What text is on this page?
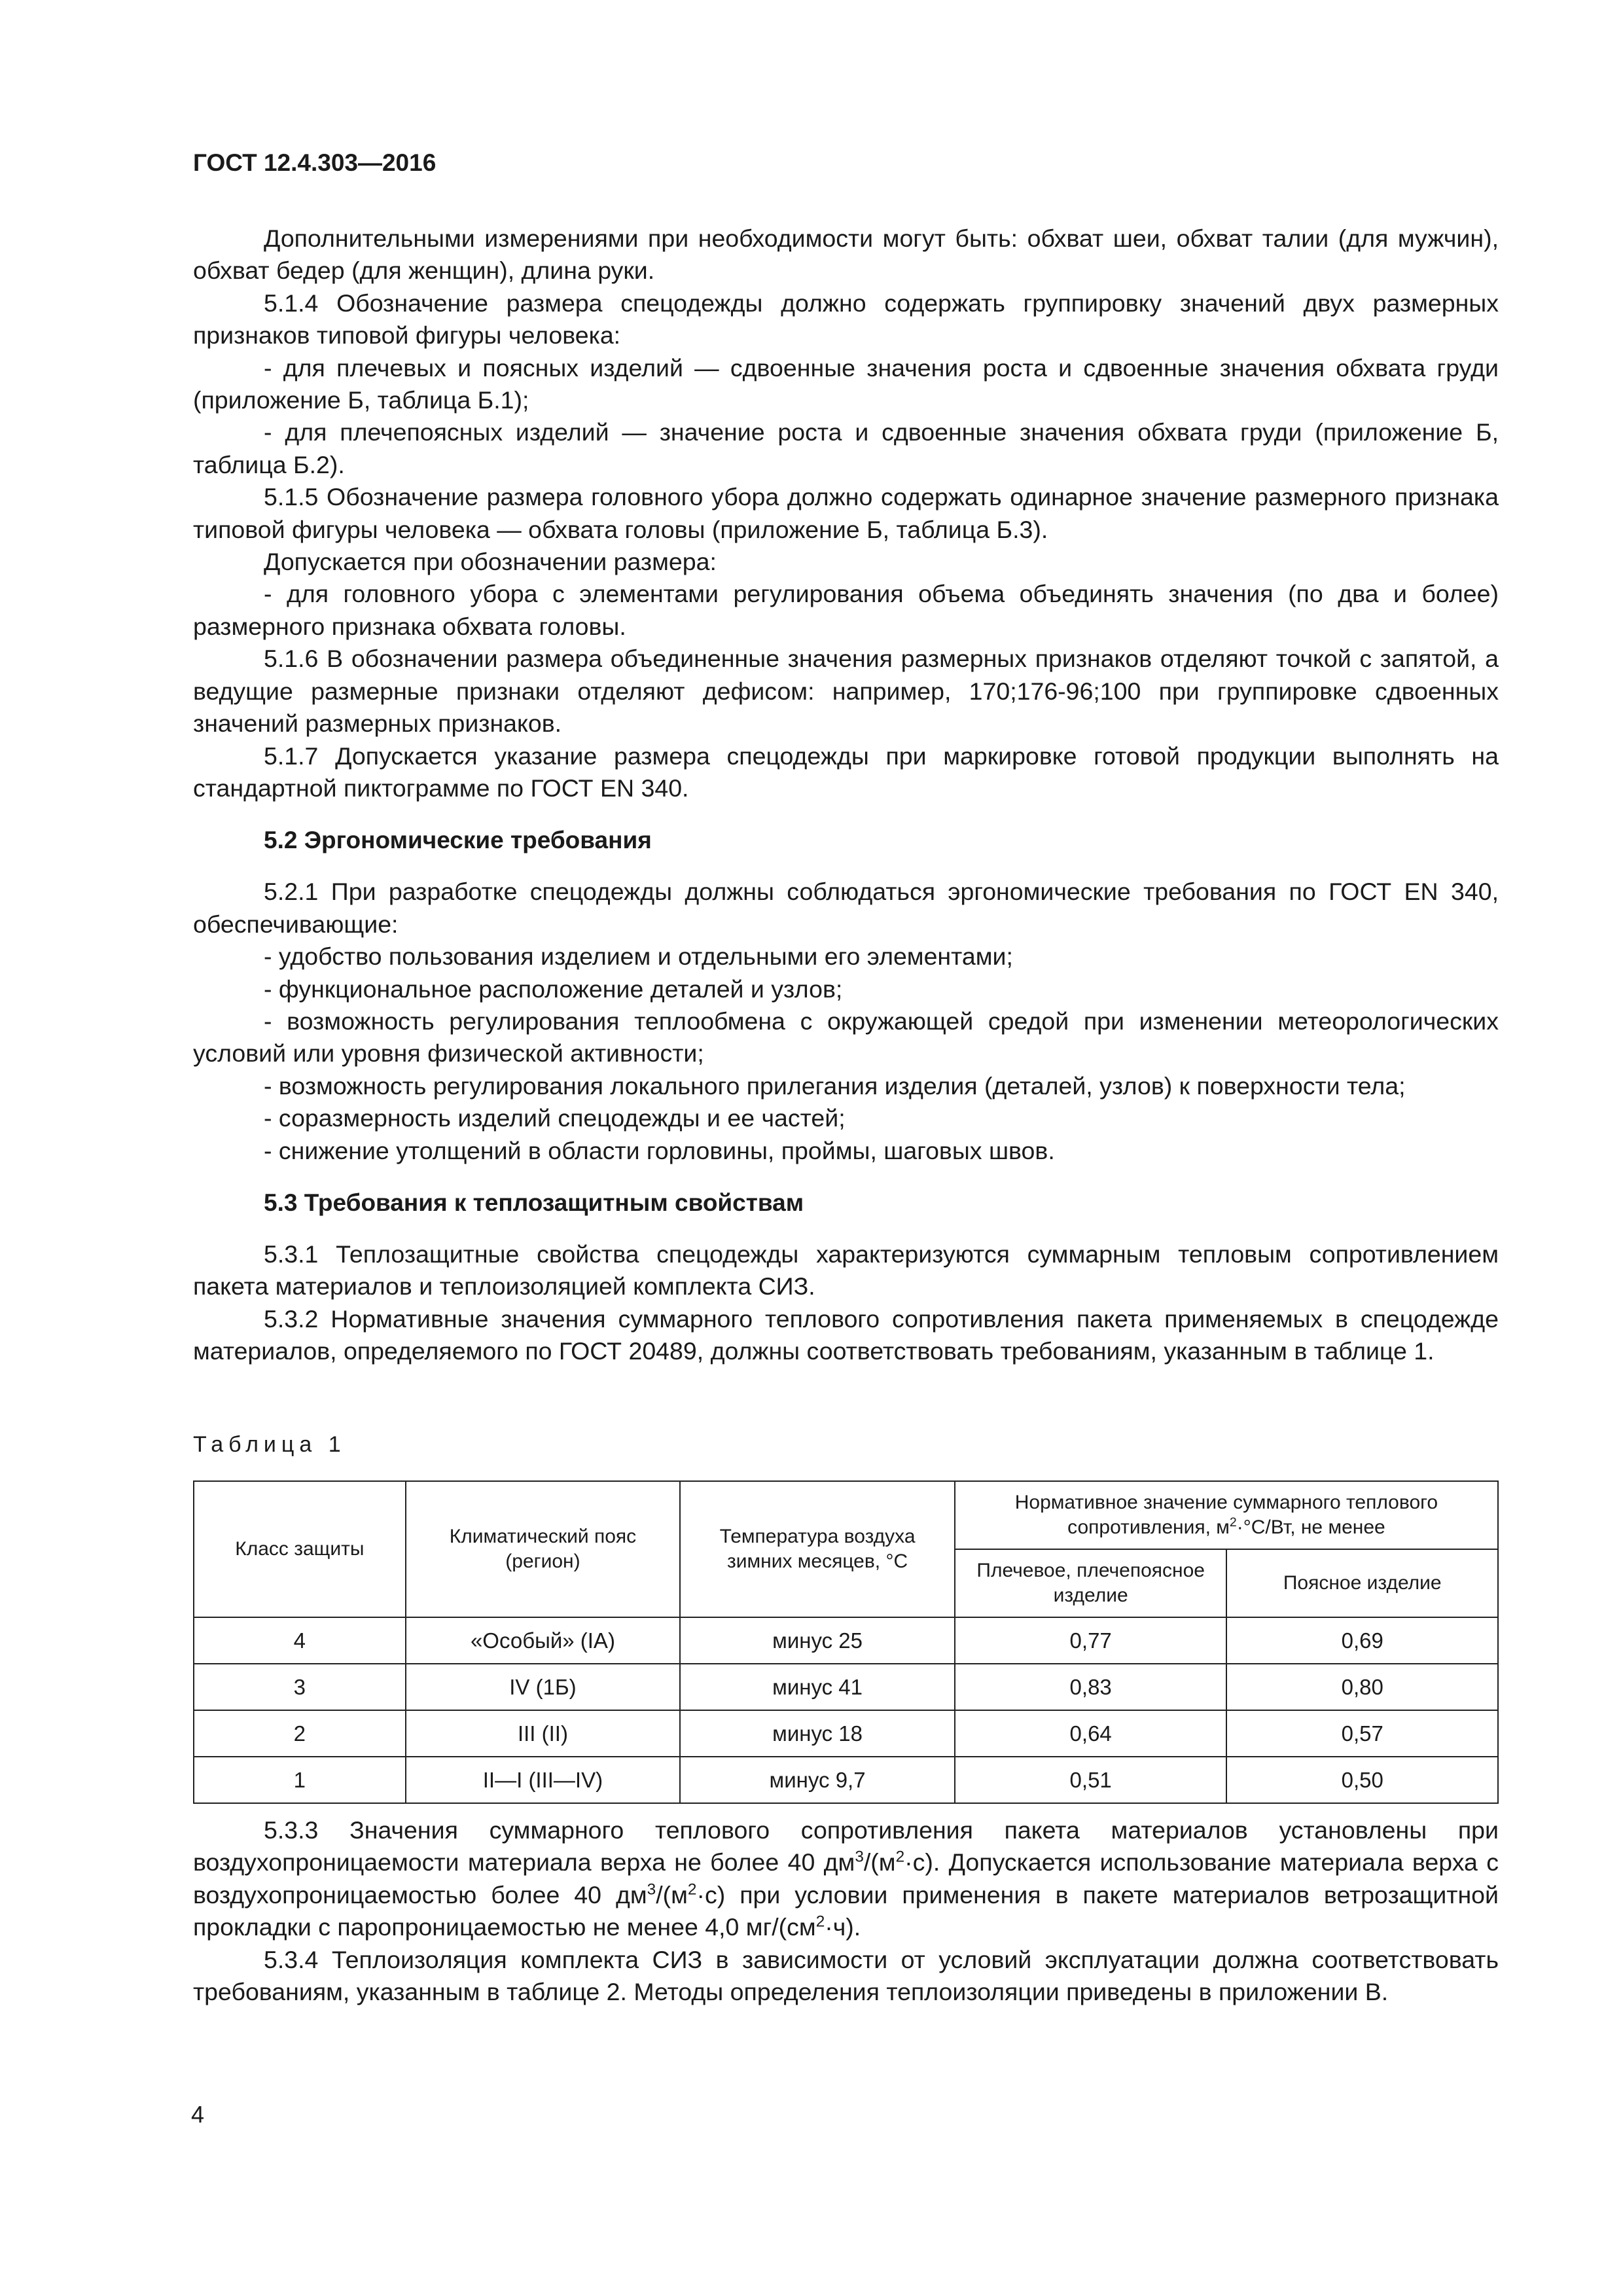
ГОСТ 12.4.303—2016

Дополнительными измерениями при необходимости могут быть: обхват шеи, обхват талии (для мужчин), обхват бедер (для женщин), длина руки.

5.1.4 Обозначение размера спецодежды должно содержать группировку значений двух размерных признаков типовой фигуры человека:

- для плечевых и поясных изделий — сдвоенные значения роста и сдвоенные значения обхвата груди (приложение Б, таблица Б.1);

- для плечепоясных изделий — значение роста и сдвоенные значения обхвата груди (приложение Б, таблица Б.2).

5.1.5 Обозначение размера головного убора должно содержать одинарное значение размерного признака типовой фигуры человека — обхвата головы (приложение Б, таблица Б.3).

Допускается при обозначении размера:

- для головного убора с элементами регулирования объема объединять значения (по два и более) размерного признака обхвата головы.

5.1.6 В обозначении размера объединенные значения размерных признаков отделяют точкой с запятой, а ведущие размерные признаки отделяют дефисом: например, 170;176-96;100 при группировке сдвоенных значений размерных признаков.

5.1.7 Допускается указание размера спецодежды при маркировке готовой продукции выполнять на стандартной пиктограмме по ГОСТ EN 340.

5.2 Эргономические требования

5.2.1 При разработке спецодежды должны соблюдаться эргономические требования по ГОСТ EN 340, обеспечивающие:

- удобство пользования изделием и отдельными его элементами;

- функциональное расположение деталей и узлов;

- возможность регулирования теплообмена с окружающей средой при изменении метеорологических условий или уровня физической активности;

- возможность регулирования локального прилегания изделия (деталей, узлов) к поверхности тела;

- соразмерность изделий спецодежды и ее частей;

- снижение утолщений в области горловины, проймы, шаговых швов.

5.3 Требования к теплозащитным свойствам

5.3.1 Теплозащитные свойства спецодежды характеризуются суммарным тепловым сопротивлением пакета материалов и теплоизоляцией комплекта СИЗ.

5.3.2 Нормативные значения суммарного теплового сопротивления пакета применяемых в спецодежде материалов, определяемого по ГОСТ 20489, должны соответствовать требованиям, указанным в таблице 1.

Таблица 1
Класс защиты	Климатический пояс (регион)	Температура воздуха зимних месяцев, °С	Нормативное значение суммарного теплового сопротивления, $м^2\cdot^\circ С/Вт$, не менее	
			Плечевое, плечепоясное изделие	Поясное изделие
4	«Особый» (IA)	минус 25	0,77	0,69
3	IV (1Б)	минус 41	0,83	0,80
2	III (II)	минус 18	0,64	0,57
1	II—I (III—IV)	минус 9,7	0,51	0,50

5.3.3 Значения суммарного теплового сопротивления пакета материалов установлены при воздухопроницаемости материала верха не более 40 $дм^3/(м^2\cdot с)$. Допускается использование материала верха с воздухопроницаемостью более 40 $дм^3/(м^2\cdot с)$ при условии применения в пакете материалов ветрозащитной прокладки с паропроницаемостью не менее 4,0 $мг/(см^2\cdot ч)$.

5.3.4 Теплоизоляция комплекта СИЗ в зависимости от условий эксплуатации должна соответствовать требованиям, указанным в таблице 2. Методы определения теплоизоляции приведены в приложении В.

4
